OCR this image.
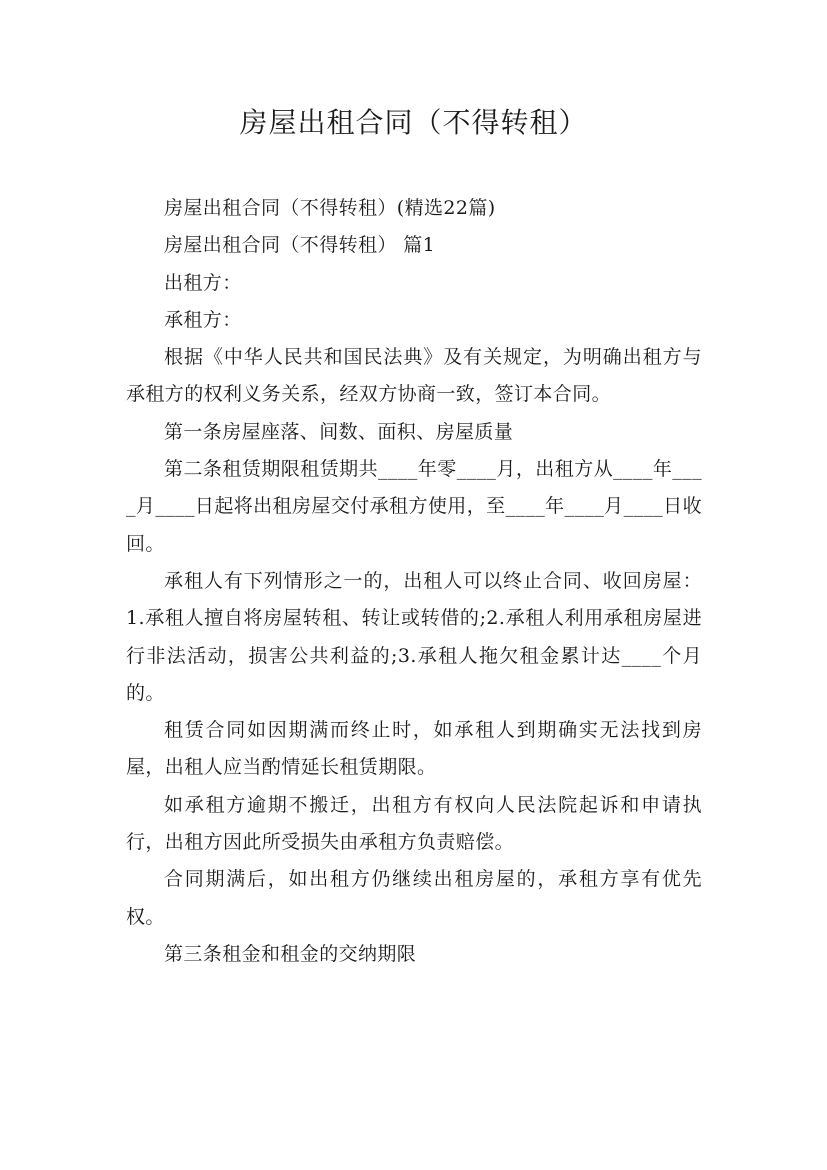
房屋出租合同（不得转租）

房屋出租合同（不得转租）(精选22篇)

房屋出租合同（不得转租） 篇1

出租方：

承租方：

根据《中华人民共和国民法典》及有关规定，为明确出租方与承租方的权利义务关系，经双方协商一致，签订本合同。

第一条房屋座落、间数、面积、房屋质量

第二条租赁期限租赁期共____年零____月，出租方从____年____月____日起将出租房屋交付承租方使用，至____年____月____日收回。

承租人有下列情形之一的，出租人可以终止合同、收回房屋：1.承租人擅自将房屋转租、转让或转借的;2.承租人利用承租房屋进行非法活动，损害公共利益的;3.承租人拖欠租金累计达____个月的。

租赁合同如因期满而终止时，如承租人到期确实无法找到房屋，出租人应当酌情延长租赁期限。

如承租方逾期不搬迁，出租方有权向人民法院起诉和申请执行，出租方因此所受损失由承租方负责赔偿。

合同期满后，如出租方仍继续出租房屋的，承租方享有优先权。

第三条租金和租金的交纳期限
